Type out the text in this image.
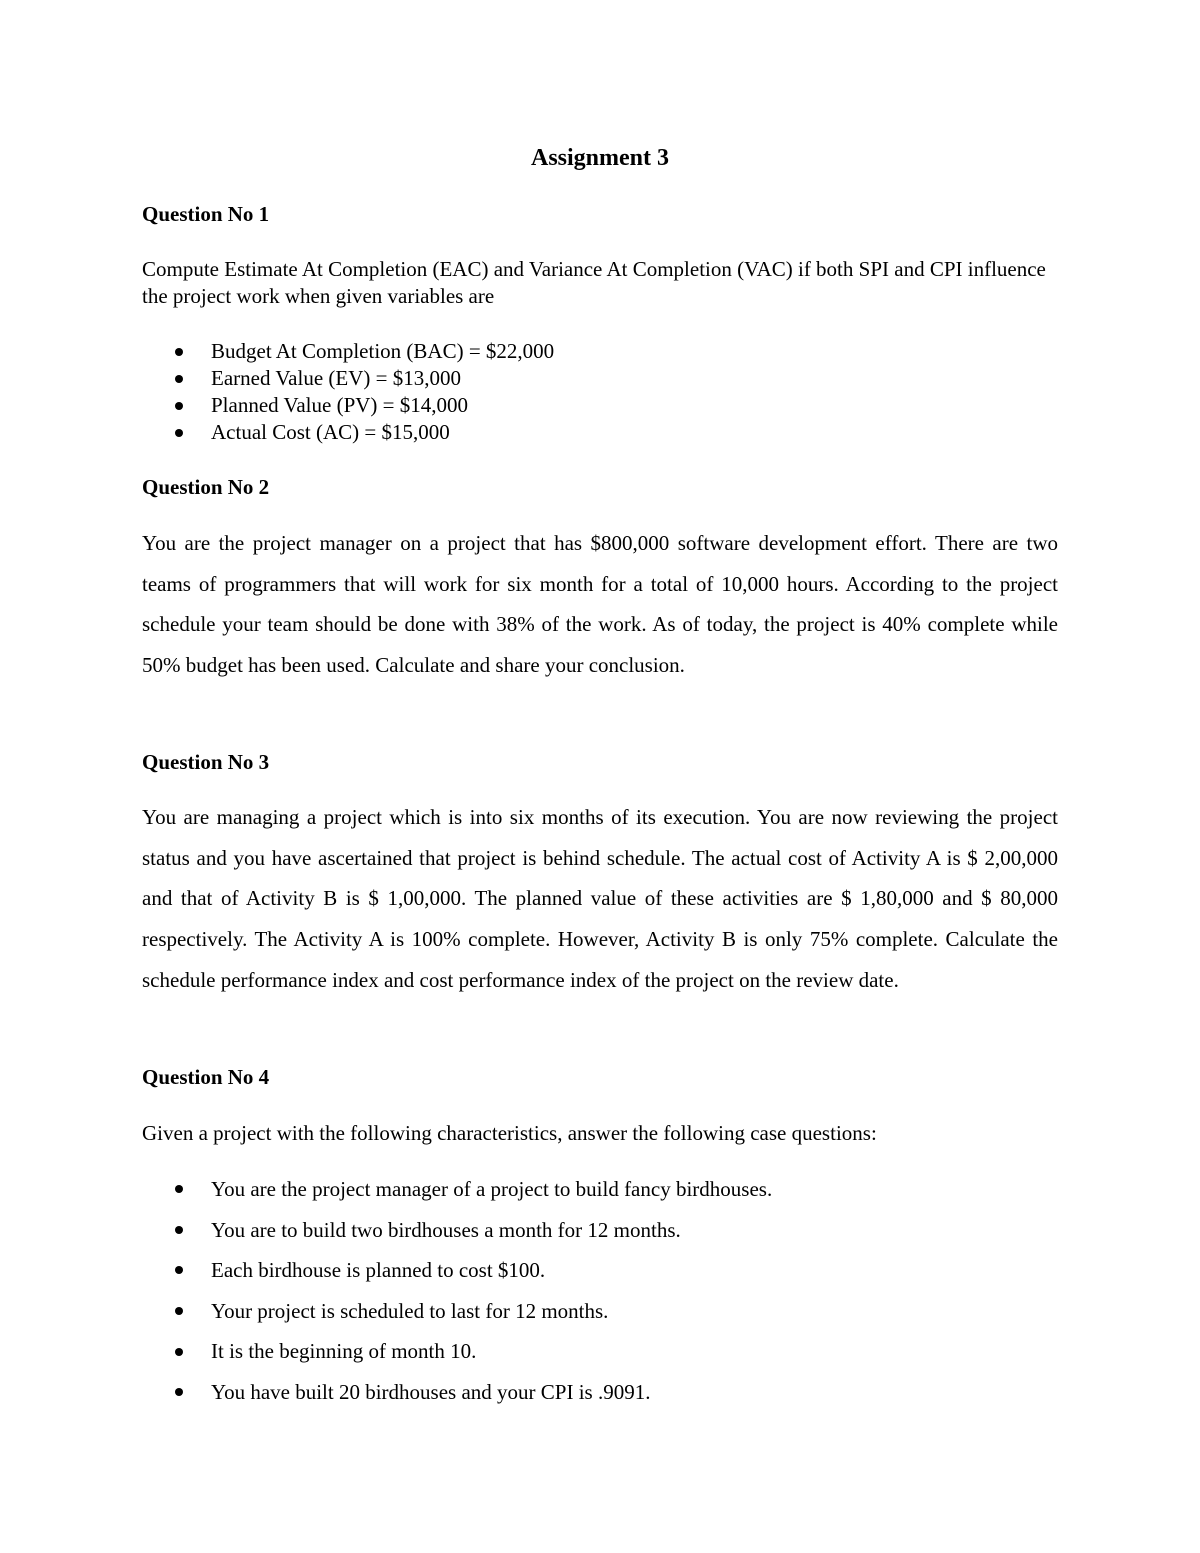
Assignment 3
Question No 1

Compute Estimate At Completion (EAC) and Variance At Completion (VAC) if both SPI and CPI influence the project work when given variables are

Budget At Completion (BAC) = $22,000
Earned Value (EV) = $13,000
Planned Value (PV) = $14,000
Actual Cost (AC) = $15,000
Question No 2

You are the project manager on a project that has $800,000 software development effort. There are two teams of programmers that will work for six month for a total of 10,000 hours. According to the project schedule your team should be done with 38% of the work. As of today, the project is 40% complete while 50% budget has been used. Calculate and share your conclusion.

Question No 3

You are managing a project which is into six months of its execution. You are now reviewing the project status and you have ascertained that project is behind schedule. The actual cost of Activity A is $ 2,00,000 and that of Activity B is $ 1,00,000. The planned value of these activities are $ 1,80,000 and $ 80,000 respectively. The Activity A is 100% complete. However, Activity B is only 75% complete. Calculate the schedule performance index and cost performance index of the project on the review date.

Question No 4

Given a project with the following characteristics, answer the following case questions:

You are the project manager of a project to build fancy birdhouses.
You are to build two birdhouses a month for 12 months.
Each birdhouse is planned to cost $100.
Your project is scheduled to last for 12 months.
It is the beginning of month 10.
You have built 20 birdhouses and your CPI is .9091.
